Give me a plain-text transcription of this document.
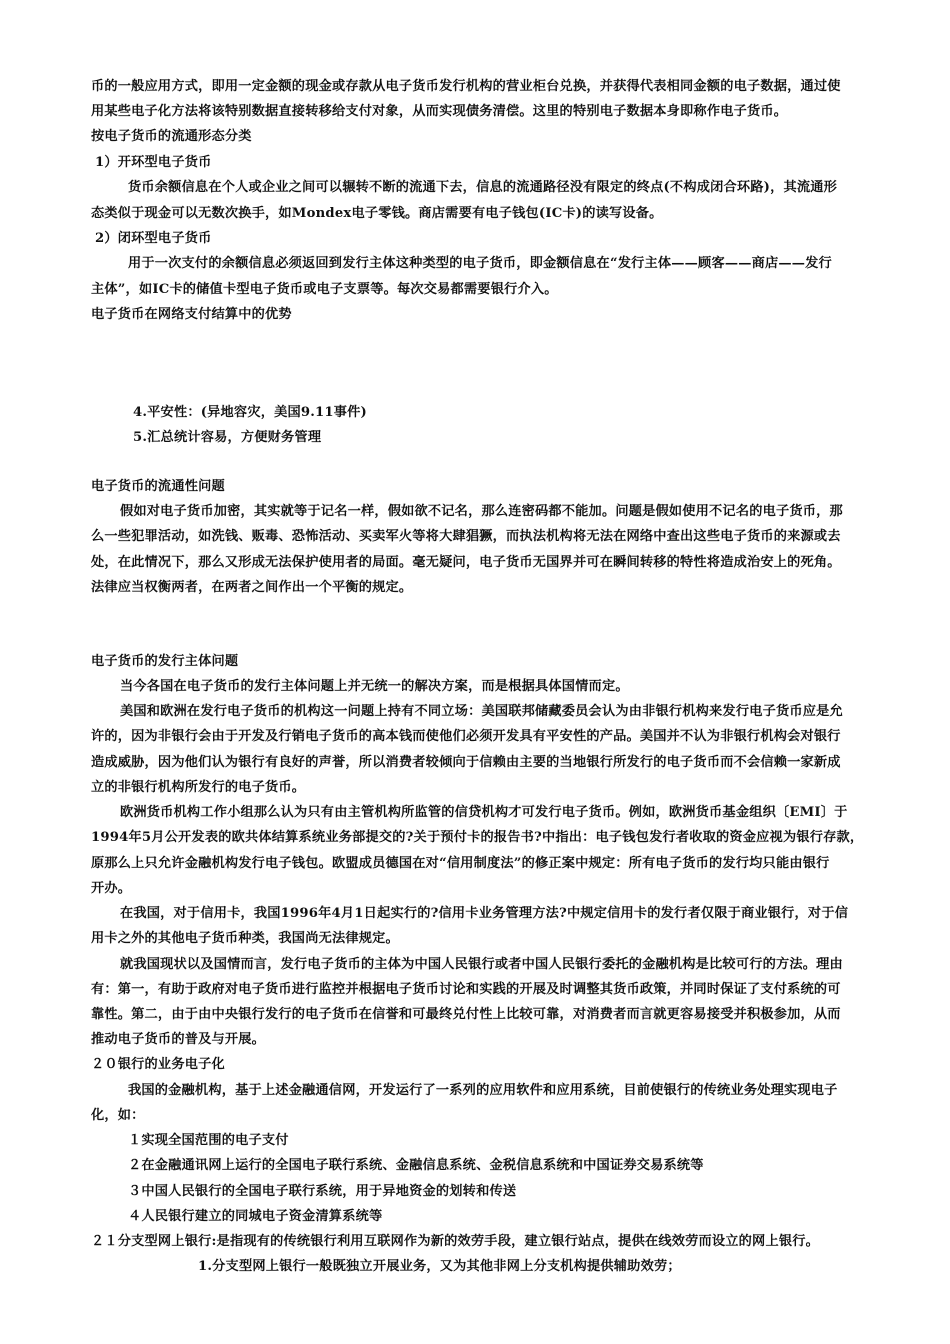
币的一般应用方式，即用一定金额的现金或存款从电子货币发行机构的营业柜台兑换，并获得代表相同金额的电子数据，通过使
用某些电子化方法将该特别数据直接转移给支付对象，从而实现债务清偿。这里的特别电子数据本身即称作电子货币。
按电子货币的流通形态分类
1）开环型电子货币
货币余额信息在个人或企业之间可以辗转不断的流通下去，信息的流通路径没有限定的终点(不构成闭合环路)，其流通形
态类似于现金可以无数次换手，如Mondex电子零钱。商店需要有电子钱包(IC卡)的读写设备。
2）闭环型电子货币
用于一次支付的余额信息必须返回到发行主体这种类型的电子货币，即金额信息在“发行主体——顾客——商店——发行
主体”，如IC卡的储值卡型电子货币或电子支票等。每次交易都需要银行介入。
电子货币在网络支付结算中的优势
4.平安性：(异地容灾，美国9.11事件)
5.汇总统计容易，方便财务管理
电子货币的流通性问题
假如对电子货币加密，其实就等于记名一样，假如欲不记名，那么连密码都不能加。问题是假如使用不记名的电子货币，那
么一些犯罪活动，如洗钱、贩毒、恐怖活动、买卖军火等将大肆猖獗，而执法机构将无法在网络中查出这些电子货币的来源或去
处，在此情况下，那么又形成无法保护使用者的局面。毫无疑问，电子货币无国界并可在瞬间转移的特性将造成治安上的死角。
法律应当权衡两者，在两者之间作出一个平衡的规定。
电子货币的发行主体问题
当今各国在电子货币的发行主体问题上并无统一的解决方案，而是根据具体国情而定。
美国和欧洲在发行电子货币的机构这一问题上持有不同立场：美国联邦储藏委员会认为由非银行机构来发行电子货币应是允
许的，因为非银行会由于开发及行销电子货币的高本钱而使他们必须开发具有平安性的产品。美国并不认为非银行机构会对银行
造成威胁，因为他们认为银行有良好的声誉，所以消费者较倾向于信赖由主要的当地银行所发行的电子货币而不会信赖一家新成
立的非银行机构所发行的电子货币。
欧洲货币机构工作小组那么认为只有由主管机构所监管的信贷机构才可发行电子货币。例如，欧洲货币基金组织〔EMI〕于
1994年5月公开发表的欧共体结算系统业务部提交的?关于预付卡的报告书?中指出：电子钱包发行者收取的资金应视为银行存款，
原那么上只允许金融机构发行电子钱包。欧盟成员德国在对“信用制度法”的修正案中规定：所有电子货币的发行均只能由银行
开办。
在我国，对于信用卡，我国1996年4月1日起实行的?信用卡业务管理方法?中规定信用卡的发行者仅限于商业银行，对于信
用卡之外的其他电子货币种类，我国尚无法律规定。
就我国现状以及国情而言，发行电子货币的主体为中国人民银行或者中国人民银行委托的金融机构是比较可行的方法。理由
有：第一，有助于政府对电子货币进行监控并根据电子货币讨论和实践的开展及时调整其货币政策，并同时保证了支付系统的可
靠性。第二，由于由中央银行发行的电子货币在信誉和可最终兑付性上比较可靠，对消费者而言就更容易接受并积极参加，从而
推动电子货币的普及与开展。
２０银行的业务电子化
我国的金融机构，基于上述金融通信网，开发运行了一系列的应用软件和应用系统，目前使银行的传统业务处理实现电子
化，如：
１实现全国范围的电子支付
２在金融通讯网上运行的全国电子联行系统、金融信息系统、金税信息系统和中国证券交易系统等
３中国人民银行的全国电子联行系统，用于异地资金的划转和传送
４人民银行建立的同城电子资金清算系统等
２１分支型网上银行:是指现有的传统银行利用互联网作为新的效劳手段，建立银行站点，提供在线效劳而设立的网上银行。
1.分支型网上银行一般既独立开展业务，又为其他非网上分支机构提供辅助效劳；
